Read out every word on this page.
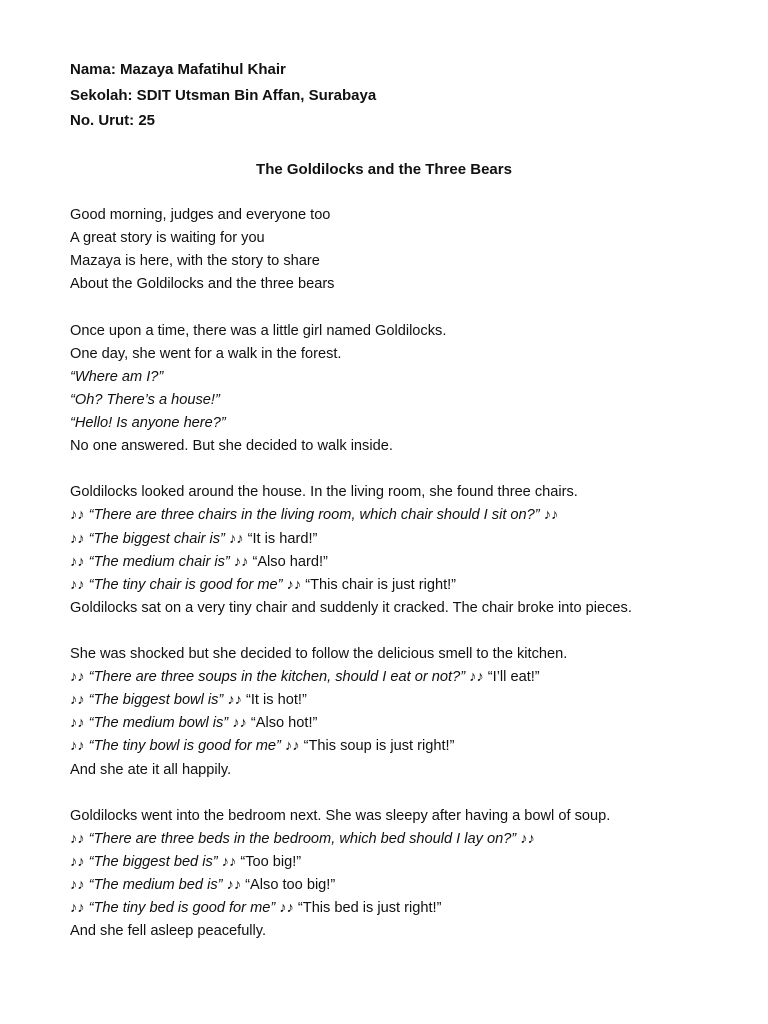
Nama: Mazaya Mafatihul Khair
Sekolah: SDIT Utsman Bin Affan, Surabaya
No. Urut: 25
The Goldilocks and the Three Bears
Good morning, judges and everyone too
A great story is waiting for you
Mazaya is here, with the story to share
About the Goldilocks and the three bears
Once upon a time, there was a little girl named Goldilocks.
One day, she went for a walk in the forest.
“Where am I?”
“Oh? There’s a house!”
“Hello! Is anyone here?”
No one answered. But she decided to walk inside.
Goldilocks looked around the house. In the living room, she found three chairs.
♪♪ “There are three chairs in the living room, which chair should I sit on?” ♪♪
♪♪ “The biggest chair is” ♪♪ “It is hard!”
♪♪ “The medium chair is” ♪♪ “Also hard!”
♪♪ “The tiny chair is good for me” ♪♪ “This chair is just right!”
Goldilocks sat on a very tiny chair and suddenly it cracked. The chair broke into pieces.
She was shocked but she decided to follow the delicious smell to the kitchen.
♪♪ “There are three soups in the kitchen, should I eat or not?” ♪♪ “I’ll eat!”
♪♪ “The biggest bowl is” ♪♪ “It is hot!”
♪♪ “The medium bowl is” ♪♪ “Also hot!”
♪♪ “The tiny bowl is good for me” ♪♪ “This soup is just right!”
And she ate it all happily.
Goldilocks went into the bedroom next. She was sleepy after having a bowl of soup.
♪♪ “There are three beds in the bedroom, which bed should I lay on?” ♪♪
♪♪ “The biggest bed is” ♪♪ “Too big!”
♪♪ “The medium bed is” ♪♪ “Also too big!”
♪♪ “The tiny bed is good for me” ♪♪ “This bed is just right!”
And she fell asleep peacefully.
